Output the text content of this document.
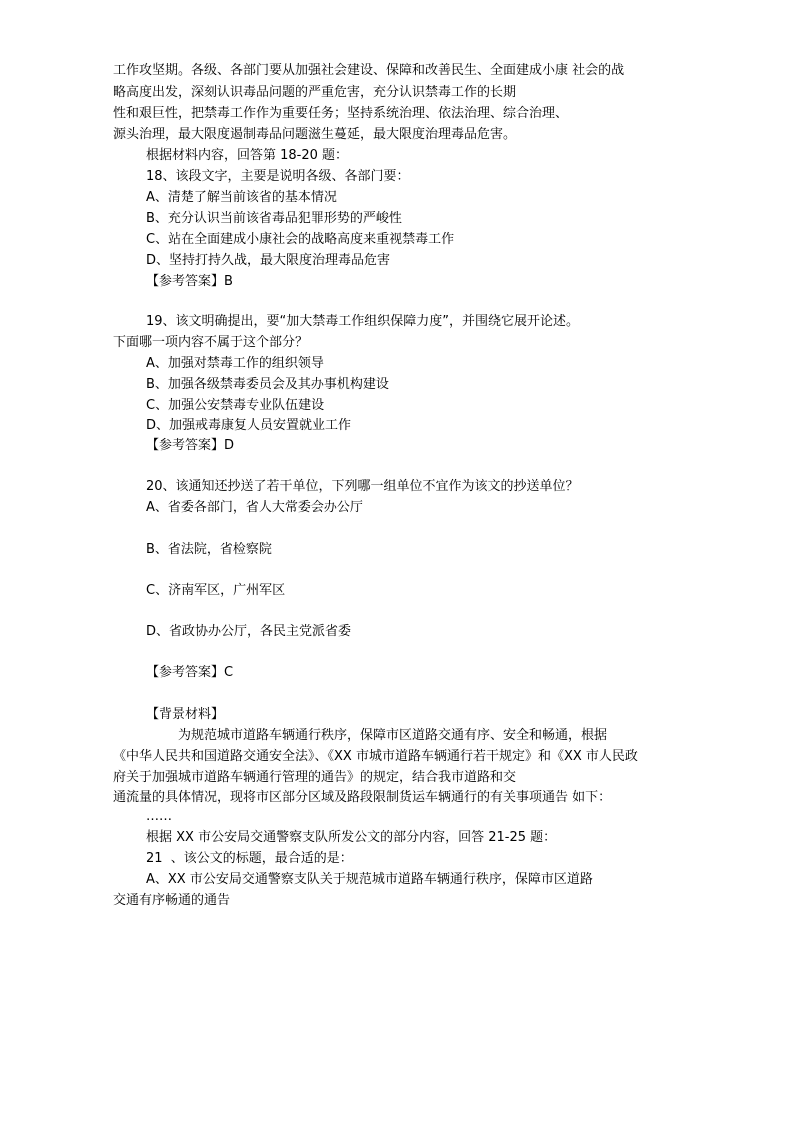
工作攻坚期。各级、各部门要从加强社会建设、保障和改善民生、全面建成小康 社会的战
略高度出发，深刻认识毒品问题的严重危害，充分认识禁毒工作的长期
性和艰巨性，把禁毒工作作为重要任务；坚持系统治理、依法治理、综合治理、
源头治理，最大限度遏制毒品问题滋生蔓延，最大限度治理毒品危害。
根据材料内容，回答第 18-20 题：
18、该段文字，主要是说明各级、各部门要：
A、清楚了解当前该省的基本情况
B、充分认识当前该省毒品犯罪形势的严峻性
C、站在全面建成小康社会的战略高度来重视禁毒工作
D、坚持打持久战，最大限度治理毒品危害
【参考答案】B
19、该文明确提出，要“加大禁毒工作组织保障力度”，并围绕它展开论述。
下面哪一项内容不属于这个部分？
A、加强对禁毒工作的组织领导
B、加强各级禁毒委员会及其办事机构建设
C、加强公安禁毒专业队伍建设
D、加强戒毒康复人员安置就业工作
【参考答案】D
20、该通知还抄送了若干单位，下列哪一组单位不宜作为该文的抄送单位？
A、省委各部门，省人大常委会办公厅
B、省法院，省检察院
C、济南军区，广州军区
D、省政协办公厅，各民主党派省委
【参考答案】C
【背景材料】
为规范城市道路车辆通行秩序，保障市区道路交通有序、安全和畅通，根据
《中华人民共和国道路交通安全法》、《XX 市城市道路车辆通行若干规定》和《XX 市人民政
府关于加强城市道路车辆通行管理的通告》的规定，结合我市道路和交
通流量的具体情况，现将市区部分区域及路段限制货运车辆通行的有关事项通告 如下：
……
根据 XX 市公安局交通警察支队所发公文的部分内容，回答 21-25 题：
21  、该公文的标题，最合适的是：
A、XX 市公安局交通警察支队关于规范城市道路车辆通行秩序，保障市区道路
交通有序畅通的通告
